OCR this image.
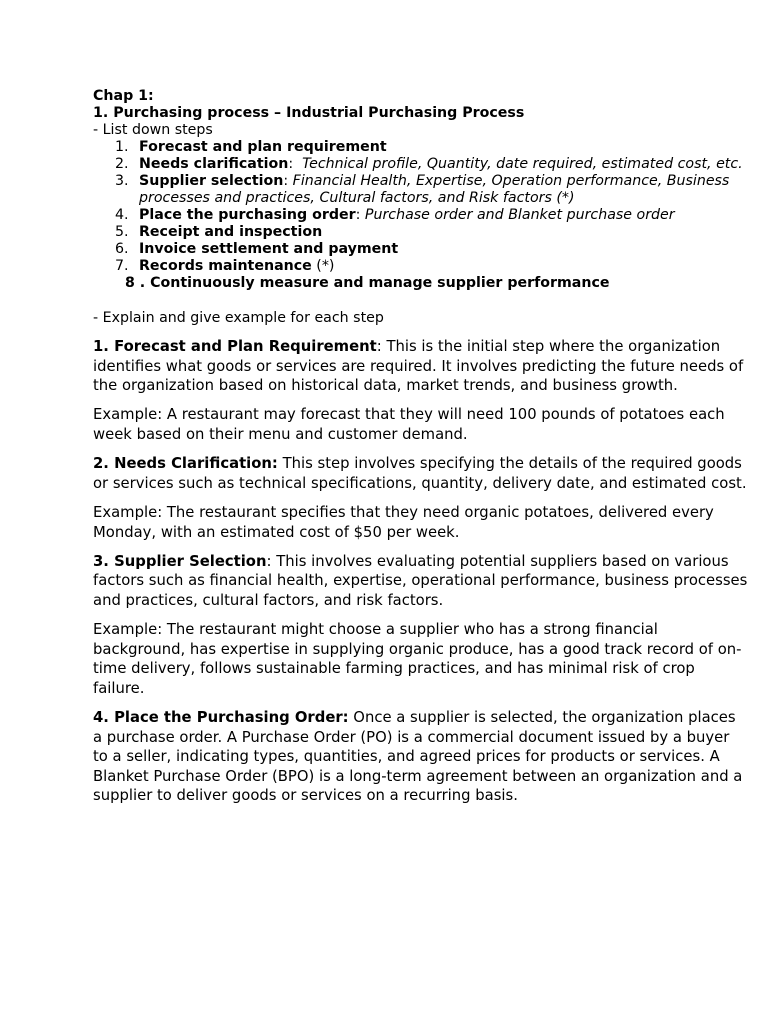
Chap 1:
1. Purchasing process – Industrial Purchasing Process
- List down steps
1. Forecast and plan requirement
2. Needs clarification:  Technical profile, Quantity, date required, estimated cost, etc.
3. Supplier selection: Financial Health, Expertise, Operation performance, Business processes and practices, Cultural factors, and Risk factors (*)
4. Place the purchasing order: Purchase order and Blanket purchase order
5. Receipt and inspection
6. Invoice settlement and payment
7. Records maintenance (*)
8 . Continuously measure and manage supplier performance
- Explain and give example for each step

1. Forecast and Plan Requirement: This is the initial step where the organization identifies what goods or services are required. It involves predicting the future needs of the organization based on historical data, market trends, and business growth.

Example: A restaurant may forecast that they will need 100 pounds of potatoes each week based on their menu and customer demand.

2. Needs Clarification: This step involves specifying the details of the required goods or services such as technical specifications, quantity, delivery date, and estimated cost.

Example: The restaurant specifies that they need organic potatoes, delivered every Monday, with an estimated cost of $50 per week.

3. Supplier Selection: This involves evaluating potential suppliers based on various factors such as financial health, expertise, operational performance, business processes and practices, cultural factors, and risk factors.

Example: The restaurant might choose a supplier who has a strong financial background, has expertise in supplying organic produce, has a good track record of on-time delivery, follows sustainable farming practices, and has minimal risk of crop failure.

4. Place the Purchasing Order: Once a supplier is selected, the organization places a purchase order. A Purchase Order (PO) is a commercial document issued by a buyer to a seller, indicating types, quantities, and agreed prices for products or services. A Blanket Purchase Order (BPO) is a long-term agreement between an organization and a supplier to deliver goods or services on a recurring basis.
